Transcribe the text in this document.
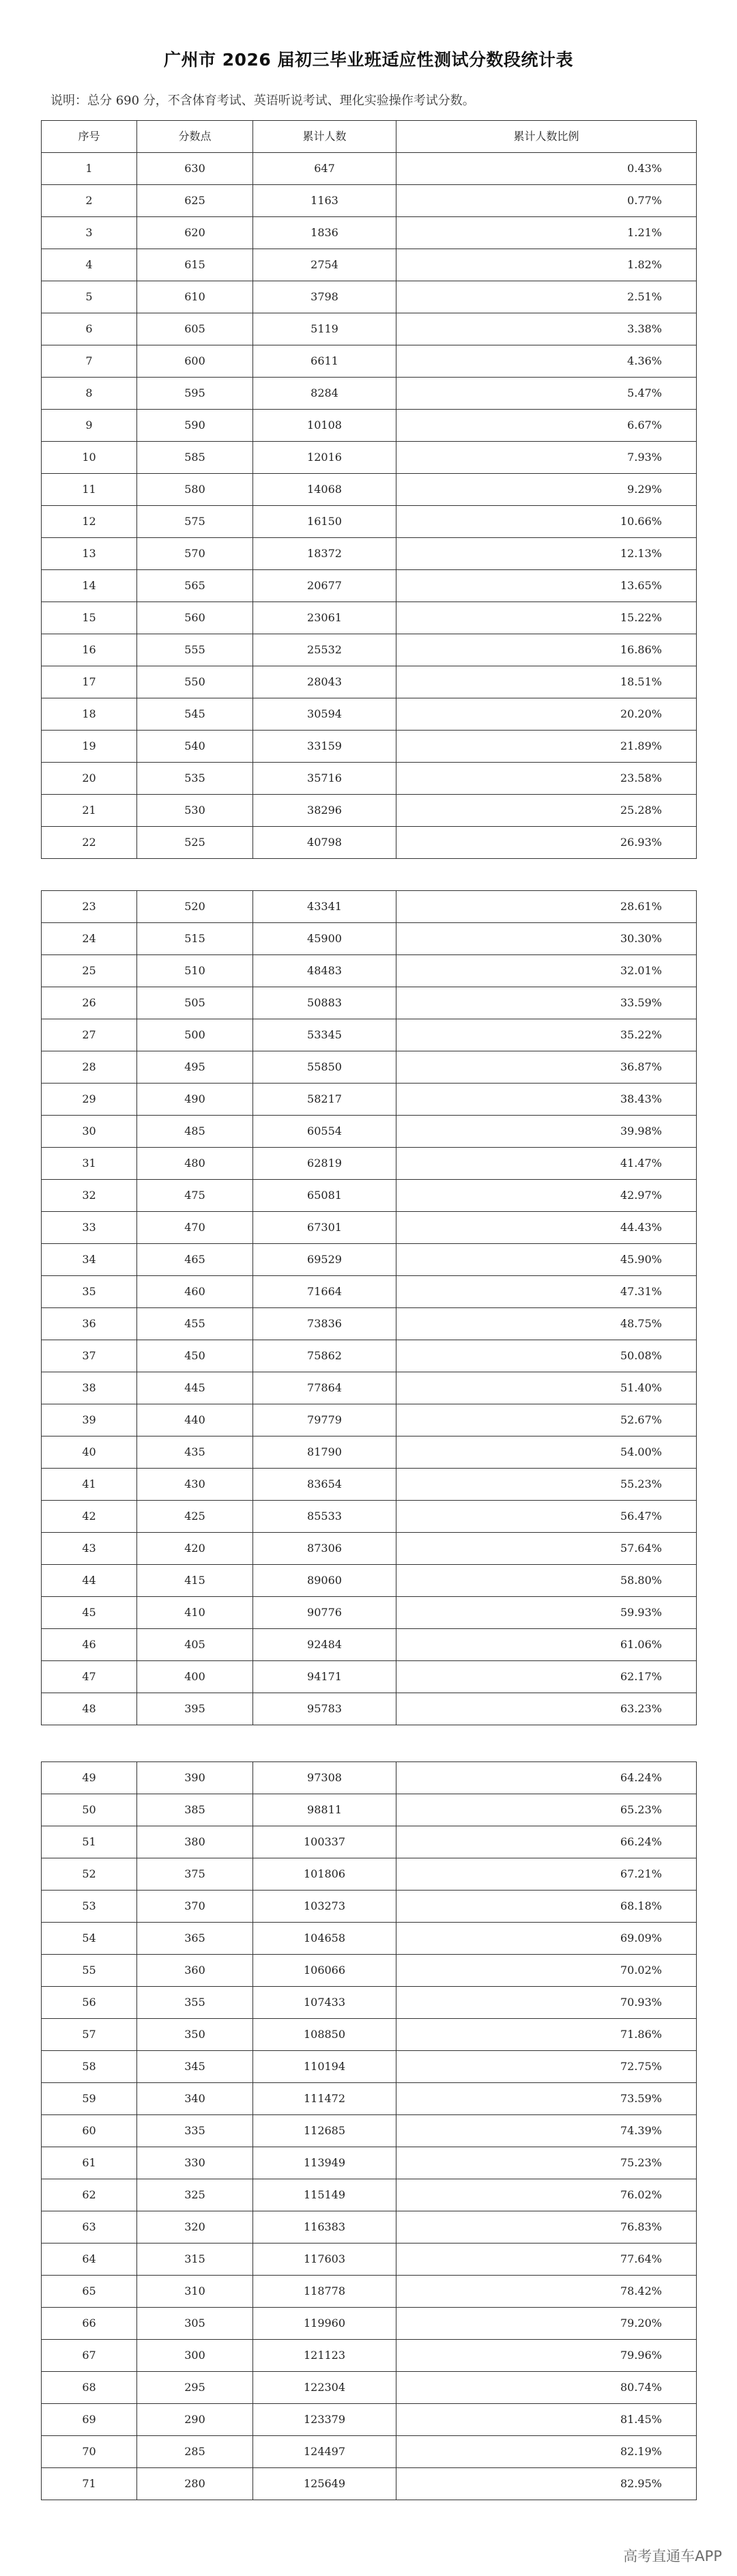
广州市 2026 届初三毕业班适应性测试分数段统计表
说明：总分 690 分，不含体育考试、英语听说考试、理化实验操作考试分数。
序号	分数点	累计人数	累计人数比例
1	630	647	0.43%
2	625	1163	0.77%
3	620	1836	1.21%
4	615	2754	1.82%
5	610	3798	2.51%
6	605	5119	3.38%
7	600	6611	4.36%
8	595	8284	5.47%
9	590	10108	6.67%
10	585	12016	7.93%
11	580	14068	9.29%
12	575	16150	10.66%
13	570	18372	12.13%
14	565	20677	13.65%
15	560	23061	15.22%
16	555	25532	16.86%
17	550	28043	18.51%
18	545	30594	20.20%
19	540	33159	21.89%
20	535	35716	23.58%
21	530	38296	25.28%
22	525	40798	26.93%
23	520	43341	28.61%
24	515	45900	30.30%
25	510	48483	32.01%
26	505	50883	33.59%
27	500	53345	35.22%
28	495	55850	36.87%
29	490	58217	38.43%
30	485	60554	39.98%
31	480	62819	41.47%
32	475	65081	42.97%
33	470	67301	44.43%
34	465	69529	45.90%
35	460	71664	47.31%
36	455	73836	48.75%
37	450	75862	50.08%
38	445	77864	51.40%
39	440	79779	52.67%
40	435	81790	54.00%
41	430	83654	55.23%
42	425	85533	56.47%
43	420	87306	57.64%
44	415	89060	58.80%
45	410	90776	59.93%
46	405	92484	61.06%
47	400	94171	62.17%
48	395	95783	63.23%
49	390	97308	64.24%
50	385	98811	65.23%
51	380	100337	66.24%
52	375	101806	67.21%
53	370	103273	68.18%
54	365	104658	69.09%
55	360	106066	70.02%
56	355	107433	70.93%
57	350	108850	71.86%
58	345	110194	72.75%
59	340	111472	73.59%
60	335	112685	74.39%
61	330	113949	75.23%
62	325	115149	76.02%
63	320	116383	76.83%
64	315	117603	77.64%
65	310	118778	78.42%
66	305	119960	79.20%
67	300	121123	79.96%
68	295	122304	80.74%
69	290	123379	81.45%
70	285	124497	82.19%
71	280	125649	82.95%
高考直通车APP
